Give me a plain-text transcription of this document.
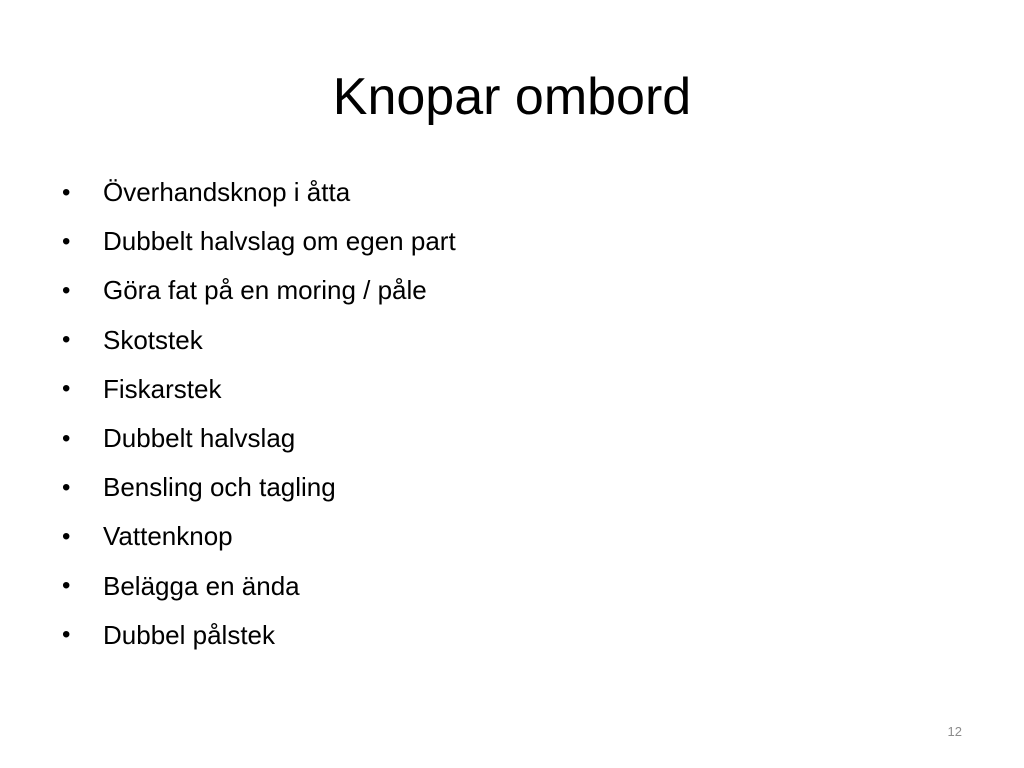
Knopar ombord
•	Överhandsknop i åtta
•	Dubbelt halvslag om egen part
•	Göra fat på en moring / påle
•	Skotstek
•	Fiskarstek
•	Dubbelt halvslag
•	Bensling och tagling
•	Vattenknop
•	Belägga en ända
•	Dubbel pålstek
12
